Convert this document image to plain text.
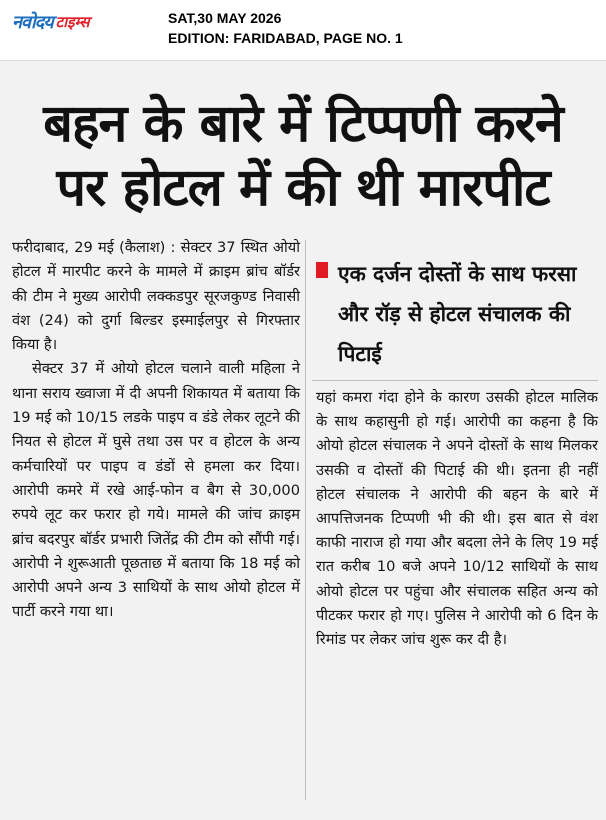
नवोदय टाइम्स	SAT,30 MAY 2026
EDITION: FARIDABAD, PAGE NO. 1
बहन के बारे में टिप्पणी करने
पर होटल में की थी मारपीट

फरीदाबाद, 29 मई (कैलाश) : सेक्टर 37 स्थित ओयो होटल में मारपीट करने के मामले में क्राइम ब्रांच बॉर्डर की टीम ने मुख्य आरोपी लक्कडपुर सूरजकुण्ड निवासी वंश (24) को दुर्गा बिल्डर इस्माईलपुर से गिरफ्तार किया है।

सेक्टर 37 में ओयो होटल चलाने वाली महिला ने थाना सराय ख्वाजा में दी अपनी शिकायत में बताया कि 19 मई को 10/15 लडके पाइप व डंडे लेकर लूटने की नियत से होटल में घुसे तथा उस पर व होटल के अन्य कर्मचारियों पर पाइप व डंडों से हमला कर दिया। आरोपी कमरे में रखे आई-फोन व बैग से 30,000 रुपये लूट कर फरार हो गये। मामले की जांच क्राइम ब्रांच बदरपुर बॉर्डर प्रभारी जितेंद्र की टीम को सौंपी गई। आरोपी ने शुरूआती पूछताछ में बताया कि 18 मई को आरोपी अपने अन्य 3 साथियों के साथ ओयो होटल में पार्टी करने गया था।

एक दर्जन दोस्तों के साथ फरसा और रॉड़ से होटल संचालक की पिटाई

यहां कमरा गंदा होने के कारण उसकी होटल मालिक के साथ कहासुनी हो गई। आरोपी का कहना है कि ओयो होटल संचालक ने अपने दोस्तों के साथ मिलकर उसकी व दोस्तों की पिटाई की थी। इतना ही नहीं होटल संचालक ने आरोपी की बहन के बारे में आपत्तिजनक टिप्पणी भी की थी। इस बात से वंश काफी नाराज हो गया और बदला लेने के लिए 19 मई रात करीब 10 बजे अपने 10/12 साथियों के साथ ओयो होटल पर पहुंचा और संचालक सहित अन्य को पीटकर फरार हो गए। पुलिस ने आरोपी को 6 दिन के रिमांड पर लेकर जांच शुरू कर दी है।
